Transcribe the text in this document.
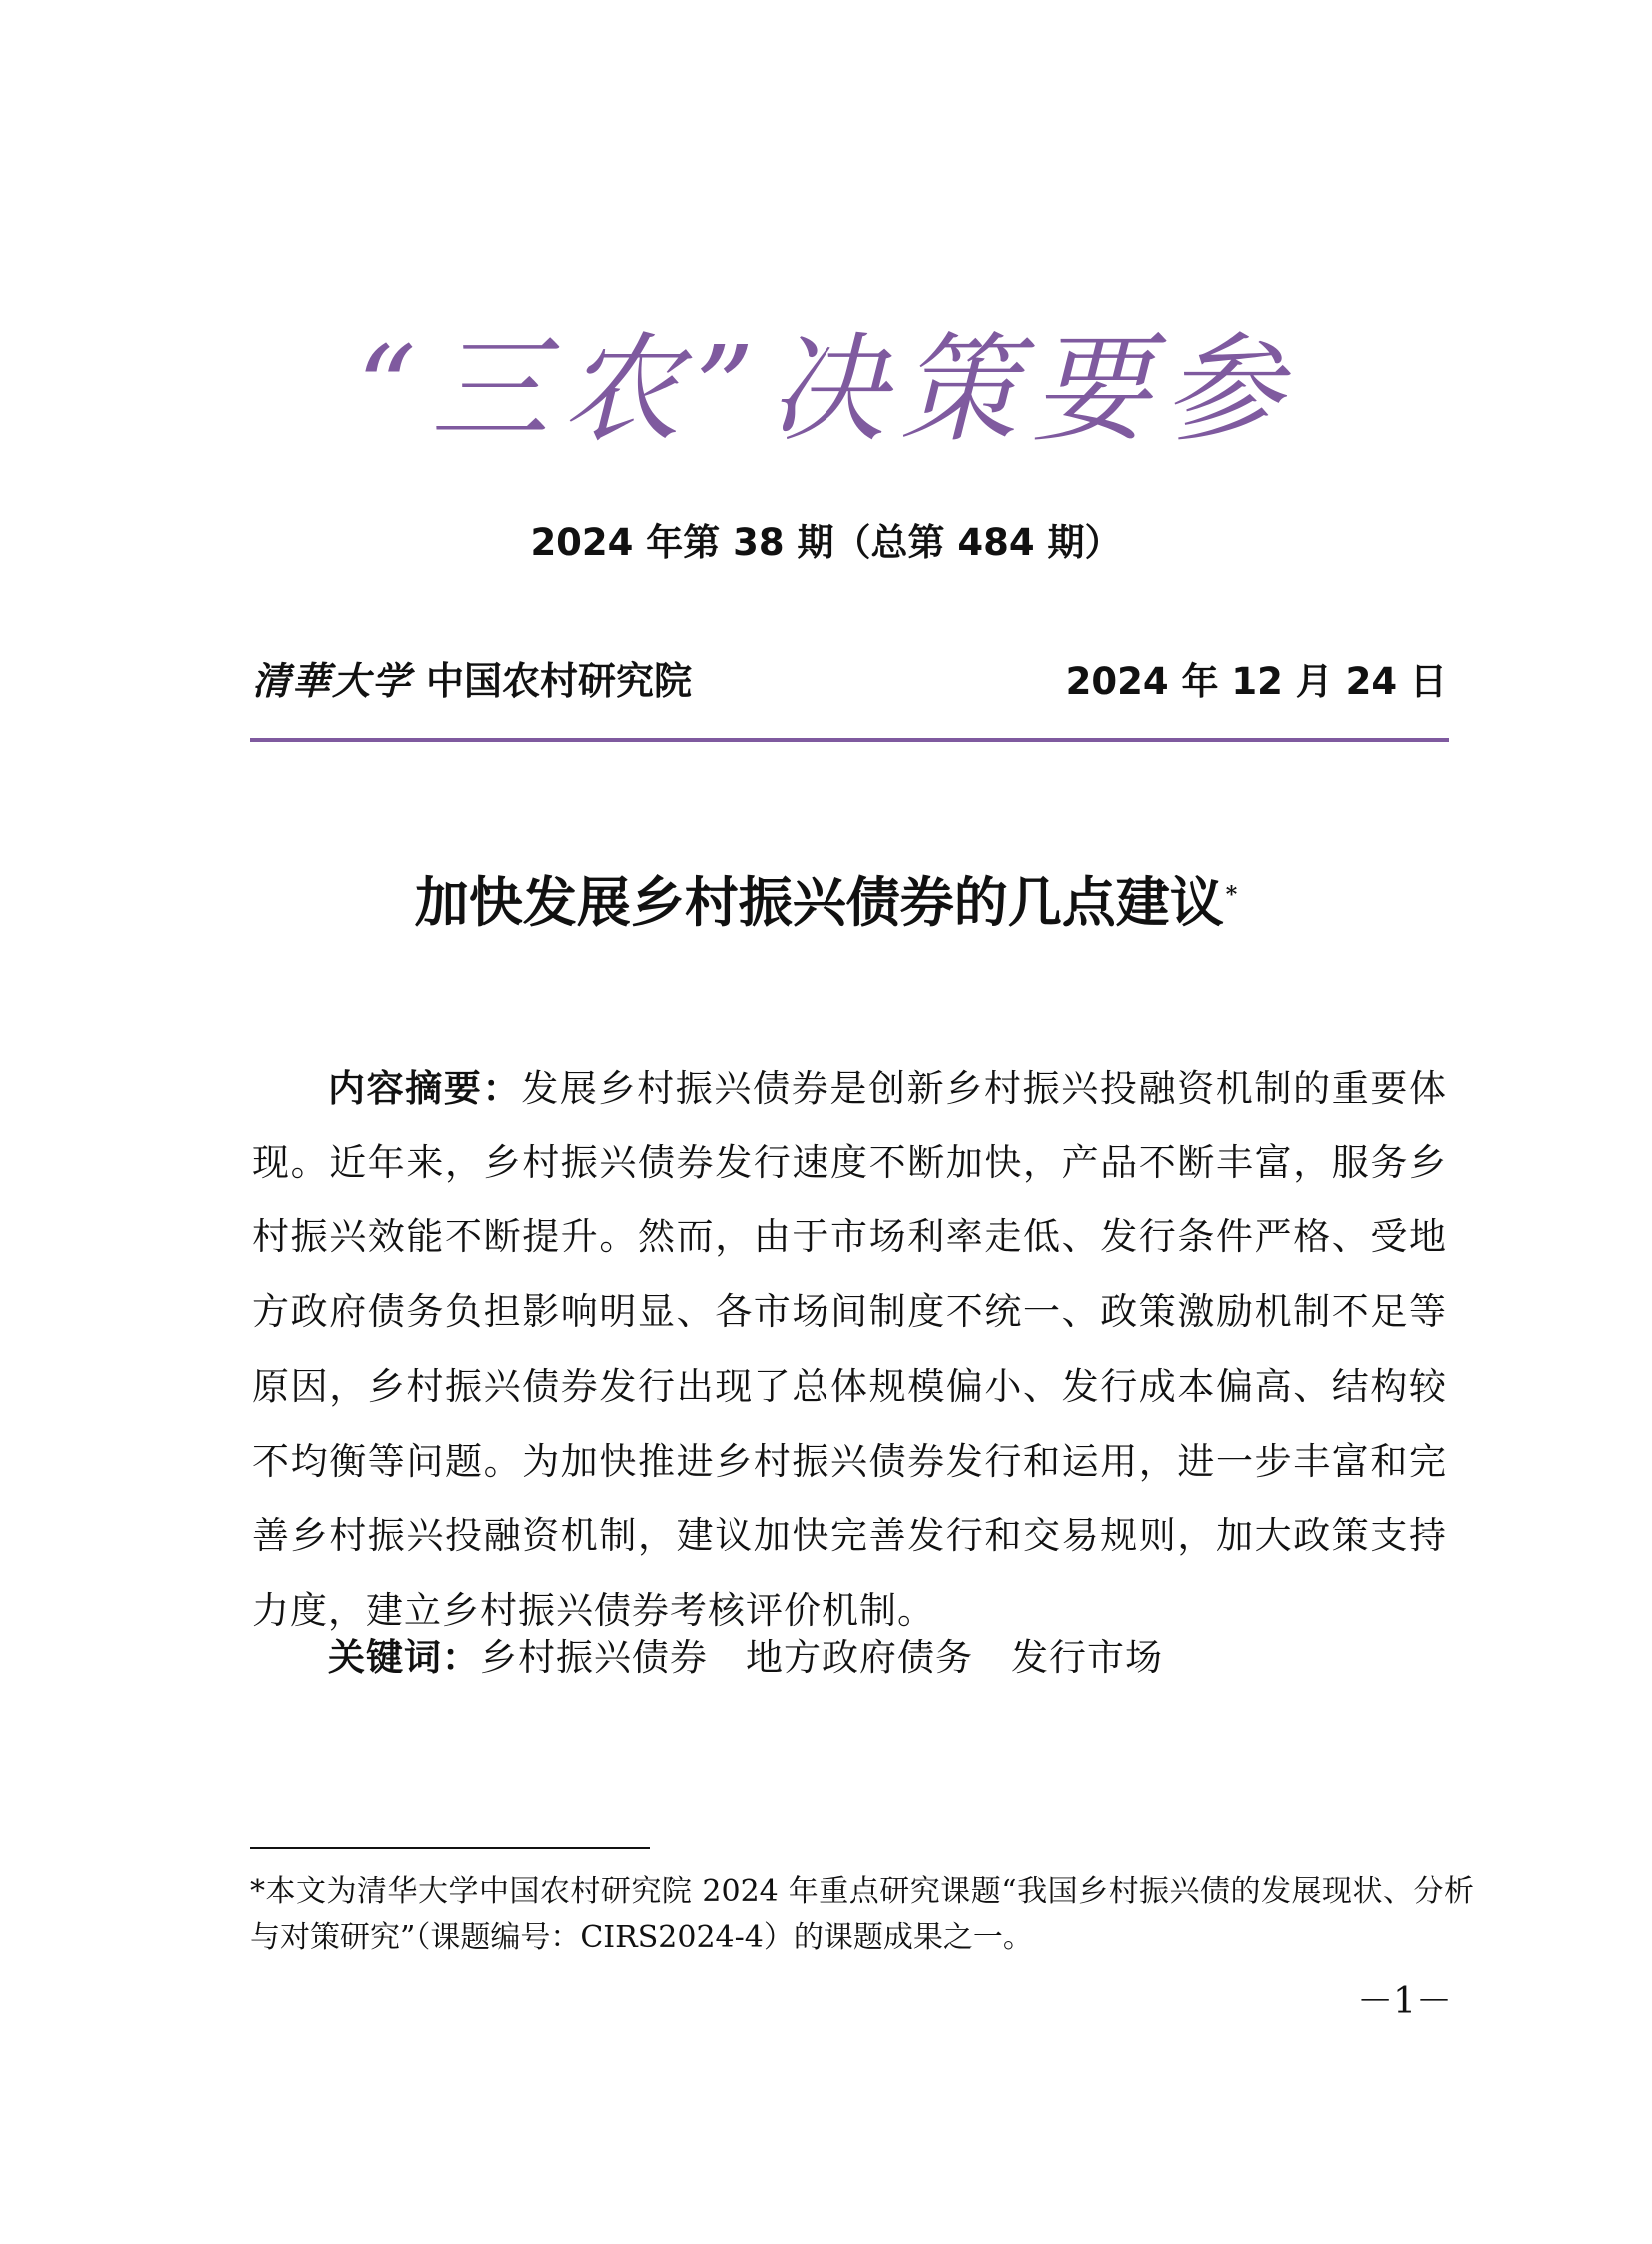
“三农”决策要参
2024 年第 38 期（总第 484 期）
清華大学 中国农村研究院	2024 年 12 月 24 日
加快发展乡村振兴债券的几点建议*

内容摘要：发展乡村振兴债券是创新乡村振兴投融资机制的重要体现。近年来，乡村振兴债券发行速度不断加快，产品不断丰富，服务乡村振兴效能不断提升。然而，由于市场利率走低、发行条件严格、受地方政府债务负担影响明显、各市场间制度不统一、政策激励机制不足等原因，乡村振兴债券发行出现了总体规模偏小、发行成本偏高、结构较不均衡等问题。为加快推进乡村振兴债券发行和运用，进一步丰富和完善乡村振兴投融资机制，建议加快完善发行和交易规则，加大政策支持力度，建立乡村振兴债券考核评价机制。

关键词：乡村振兴债券 地方政府债务 发行市场

*本文为清华大学中国农村研究院 2024 年重点研究课题“我国乡村振兴债的发展现状、分析与对策研究”（课题编号：CIRS2024-4）的课题成果之一。

－1－
